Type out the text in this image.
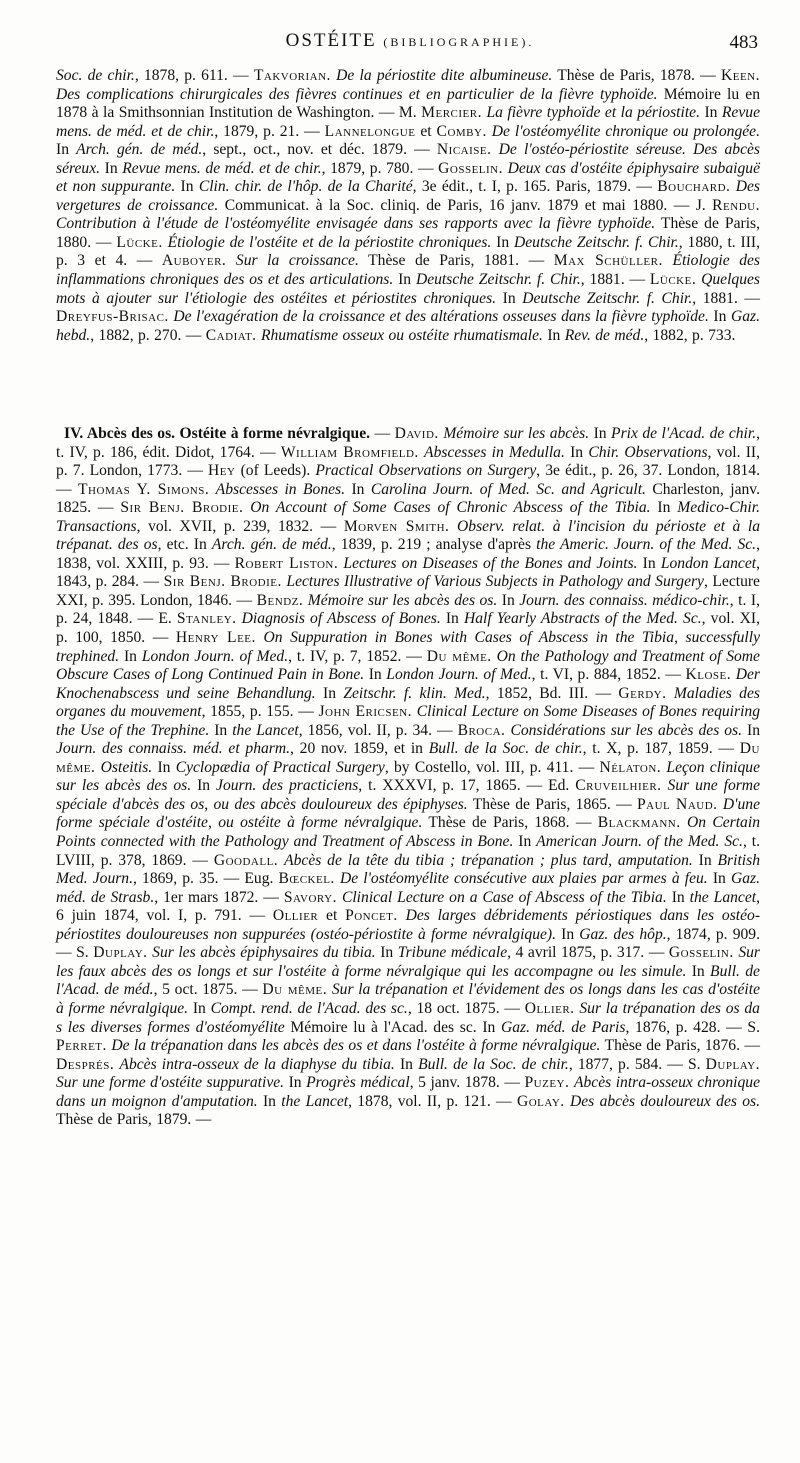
OSTÉITE (BIBLIOGRAPHIE).	483
Soc. de chir., 1878, p. 611. — Takvorian. De la périostite dite albumineuse. Thèse de Paris, 1878. — Keen. Des complications chirurgicales des fièvres continues et en particulier de la fièvre typhoïde. Mémoire lu en 1878 à la Smithsonnian Institution de Washington. — M. Mercier. La fièvre typhoïde et la périostite. In Revue mens. de méd. et de chir., 1879, p. 21. — Lannelongue et Comby. De l'ostéomyélite chronique ou prolongée. In Arch. gén. de méd., sept., oct., nov. et déc. 1879. — Nicaise. De l'ostéo-périostite séreuse. Des abcès séreux. In Revue mens. de méd. et de chir., 1879, p. 780. — Gosselin. Deux cas d'ostéite épiphysaire subaiguë et non suppurante. In Clin. chir. de l'hôp. de la Charité, 3e édit., t. I, p. 165. Paris, 1879. — Bouchard. Des vergetures de croissance. Communicat. à la Soc. cliniq. de Paris, 16 janv. 1879 et mai 1880. — J. Rendu. Contribution à l'étude de l'ostéomyélite envisagée dans ses rapports avec la fièvre typhoïde. Thèse de Paris, 1880. — Lücke. Étiologie de l'ostéite et de la périostite chroniques. In Deutsche Zeitschr. f. Chir., 1880, t. III, p. 3 et 4. — Auboyer. Sur la croissance. Thèse de Paris, 1881. — Max Schüller. Étiologie des inflammations chroniques des os et des articulations. In Deutsche Zeitschr. f. Chir., 1881. — Lücke. Quelques mots à ajouter sur l'étiologie des ostéites et périostites chroniques. In Deutsche Zeitschr. f. Chir., 1881. — Dreyfus-Brisac. De l'exagération de la croissance et des altérations osseuses dans la fièvre typhoïde. In Gaz. hebd., 1882, p. 270. — Cadiat. Rhumatisme osseux ou ostéite rhumatismale. In Rev. de méd., 1882, p. 733.
IV. Abcès des os. Ostéite à forme névralgique. — David. Mémoire sur les abcès. In Prix de l'Acad. de chir., t. IV, p. 186, édit. Didot, 1764. — William Bromfield. Abscesses in Medulla. In Chir. Observations, vol. II, p. 7. London, 1773. — Hey (of Leeds). Practical Observations on Surgery, 3e édit., p. 26, 37. London, 1814. — Thomas Y. Simons. Abscesses in Bones. In Carolina Journ. of Med. Sc. and Agricult. Charleston, janv. 1825. — Sir Benj. Brodie. On Account of Some Cases of Chronic Abscess of the Tibia. In Medico-Chir. Transactions, vol. XVII, p. 239, 1832. — Morven Smith. Observ. relat. à l'incision du périoste et à la trépanat. des os, etc. In Arch. gén. de méd., 1839, p. 219 ; analyse d'après the Americ. Journ. of the Med. Sc., 1838, vol. XXIII, p. 93. — Robert Liston. Lectures on Diseases of the Bones and Joints. In London Lancet, 1843, p. 284. — Sir Benj. Brodie. Lectures Illustrative of Various Subjects in Pathology and Surgery, Lecture XXI, p. 395. London, 1846. — Bendz. Mémoire sur les abcès des os. In Journ. des connaiss. médico-chir., t. I, p. 24, 1848. — E. Stanley. Diagnosis of Abscess of Bones. In Half Yearly Abstracts of the Med. Sc., vol. XI, p. 100, 1850. — Henry Lee. On Suppuration in Bones with Cases of Abscess in the Tibia, successfully trephined. In London Journ. of Med., t. IV, p. 7, 1852. — Du même. On the Pathology and Treatment of Some Obscure Cases of Long Continued Pain in Bone. In London Journ. of Med., t. VI, p. 884, 1852. — Klose. Der Knochenabscess und seine Behandlung. In Zeitschr. f. klin. Med., 1852, Bd. III. — Gerdy. Maladies des organes du mouvement, 1855, p. 155. — John Ericsen. Clinical Lecture on Some Diseases of Bones requiring the Use of the Trephine. In the Lancet, 1856, vol. II, p. 34. — Broca. Considérations sur les abcès des os. In Journ. des connaiss. méd. et pharm., 20 nov. 1859, et in Bull. de la Soc. de chir., t. X, p. 187, 1859. — Du même. Osteitis. In Cyclopædia of Practical Surgery, by Costello, vol. III, p. 411. — Nélaton. Leçon clinique sur les abcès des os. In Journ. des practiciens, t. XXXVI, p. 17, 1865. — Ed. Cruveilhier. Sur une forme spéciale d'abcès des os, ou des abcès douloureux des épiphyses. Thèse de Paris, 1865. — Paul Naud. D'une forme spéciale d'ostéite, ou ostéite à forme névralgique. Thèse de Paris, 1868. — Blackmann. On Certain Points connected with the Pathology and Treatment of Abscess in Bone. In American Journ. of the Med. Sc., t. LVIII, p. 378, 1869. — Goodall. Abcès de la tête du tibia ; trépanation ; plus tard, amputation. In British Med. Journ., 1869, p. 35. — Eug. Bœckel. De l'ostéomyélite consécutive aux plaies par armes à feu. In Gaz. méd. de Strasb., 1er mars 1872. — Savory. Clinical Lecture on a Case of Abscess of the Tibia. In the Lancet, 6 juin 1874, vol. I, p. 791. — Ollier et Poncet. Des larges débridements périostiques dans les ostéo-périostites douloureuses non suppurées (ostéo-périostite à forme névralgique). In Gaz. des hôp., 1874, p. 909. — S. Duplay. Sur les abcès épiphysaires du tibia. In Tribune médicale, 4 avril 1875, p. 317. — Gosselin. Sur les faux abcès des os longs et sur l'ostéite à forme névralgique qui les accompagne ou les simule. In Bull. de l'Acad. de méd., 5 oct. 1875. — Du même. Sur la trépanation et l'évidement des os longs dans les cas d'ostéite à forme névralgique. In Compt. rend. de l'Acad. des sc., 18 oct. 1875. — Ollier. Sur la trépanation des os da s les diverses formes d'ostéomyélite Mémoire lu à l'Acad. des sc. In Gaz. méd. de Paris, 1876, p. 428. — S. Perret. De la trépanation dans les abcès des os et dans l'ostéite à forme névralgique. Thèse de Paris, 1876. — Després. Abcès intra-osseux de la diaphyse du tibia. In Bull. de la Soc. de chir., 1877, p. 584. — S. Duplay. Sur une forme d'ostéite suppurative. In Progrès médical, 5 janv. 1878. — Puzey. Abcès intra-osseux chronique dans un moignon d'amputation. In the Lancet, 1878, vol. II, p. 121. — Golay. Des abcès douloureux des os. Thèse de Paris, 1879. —
